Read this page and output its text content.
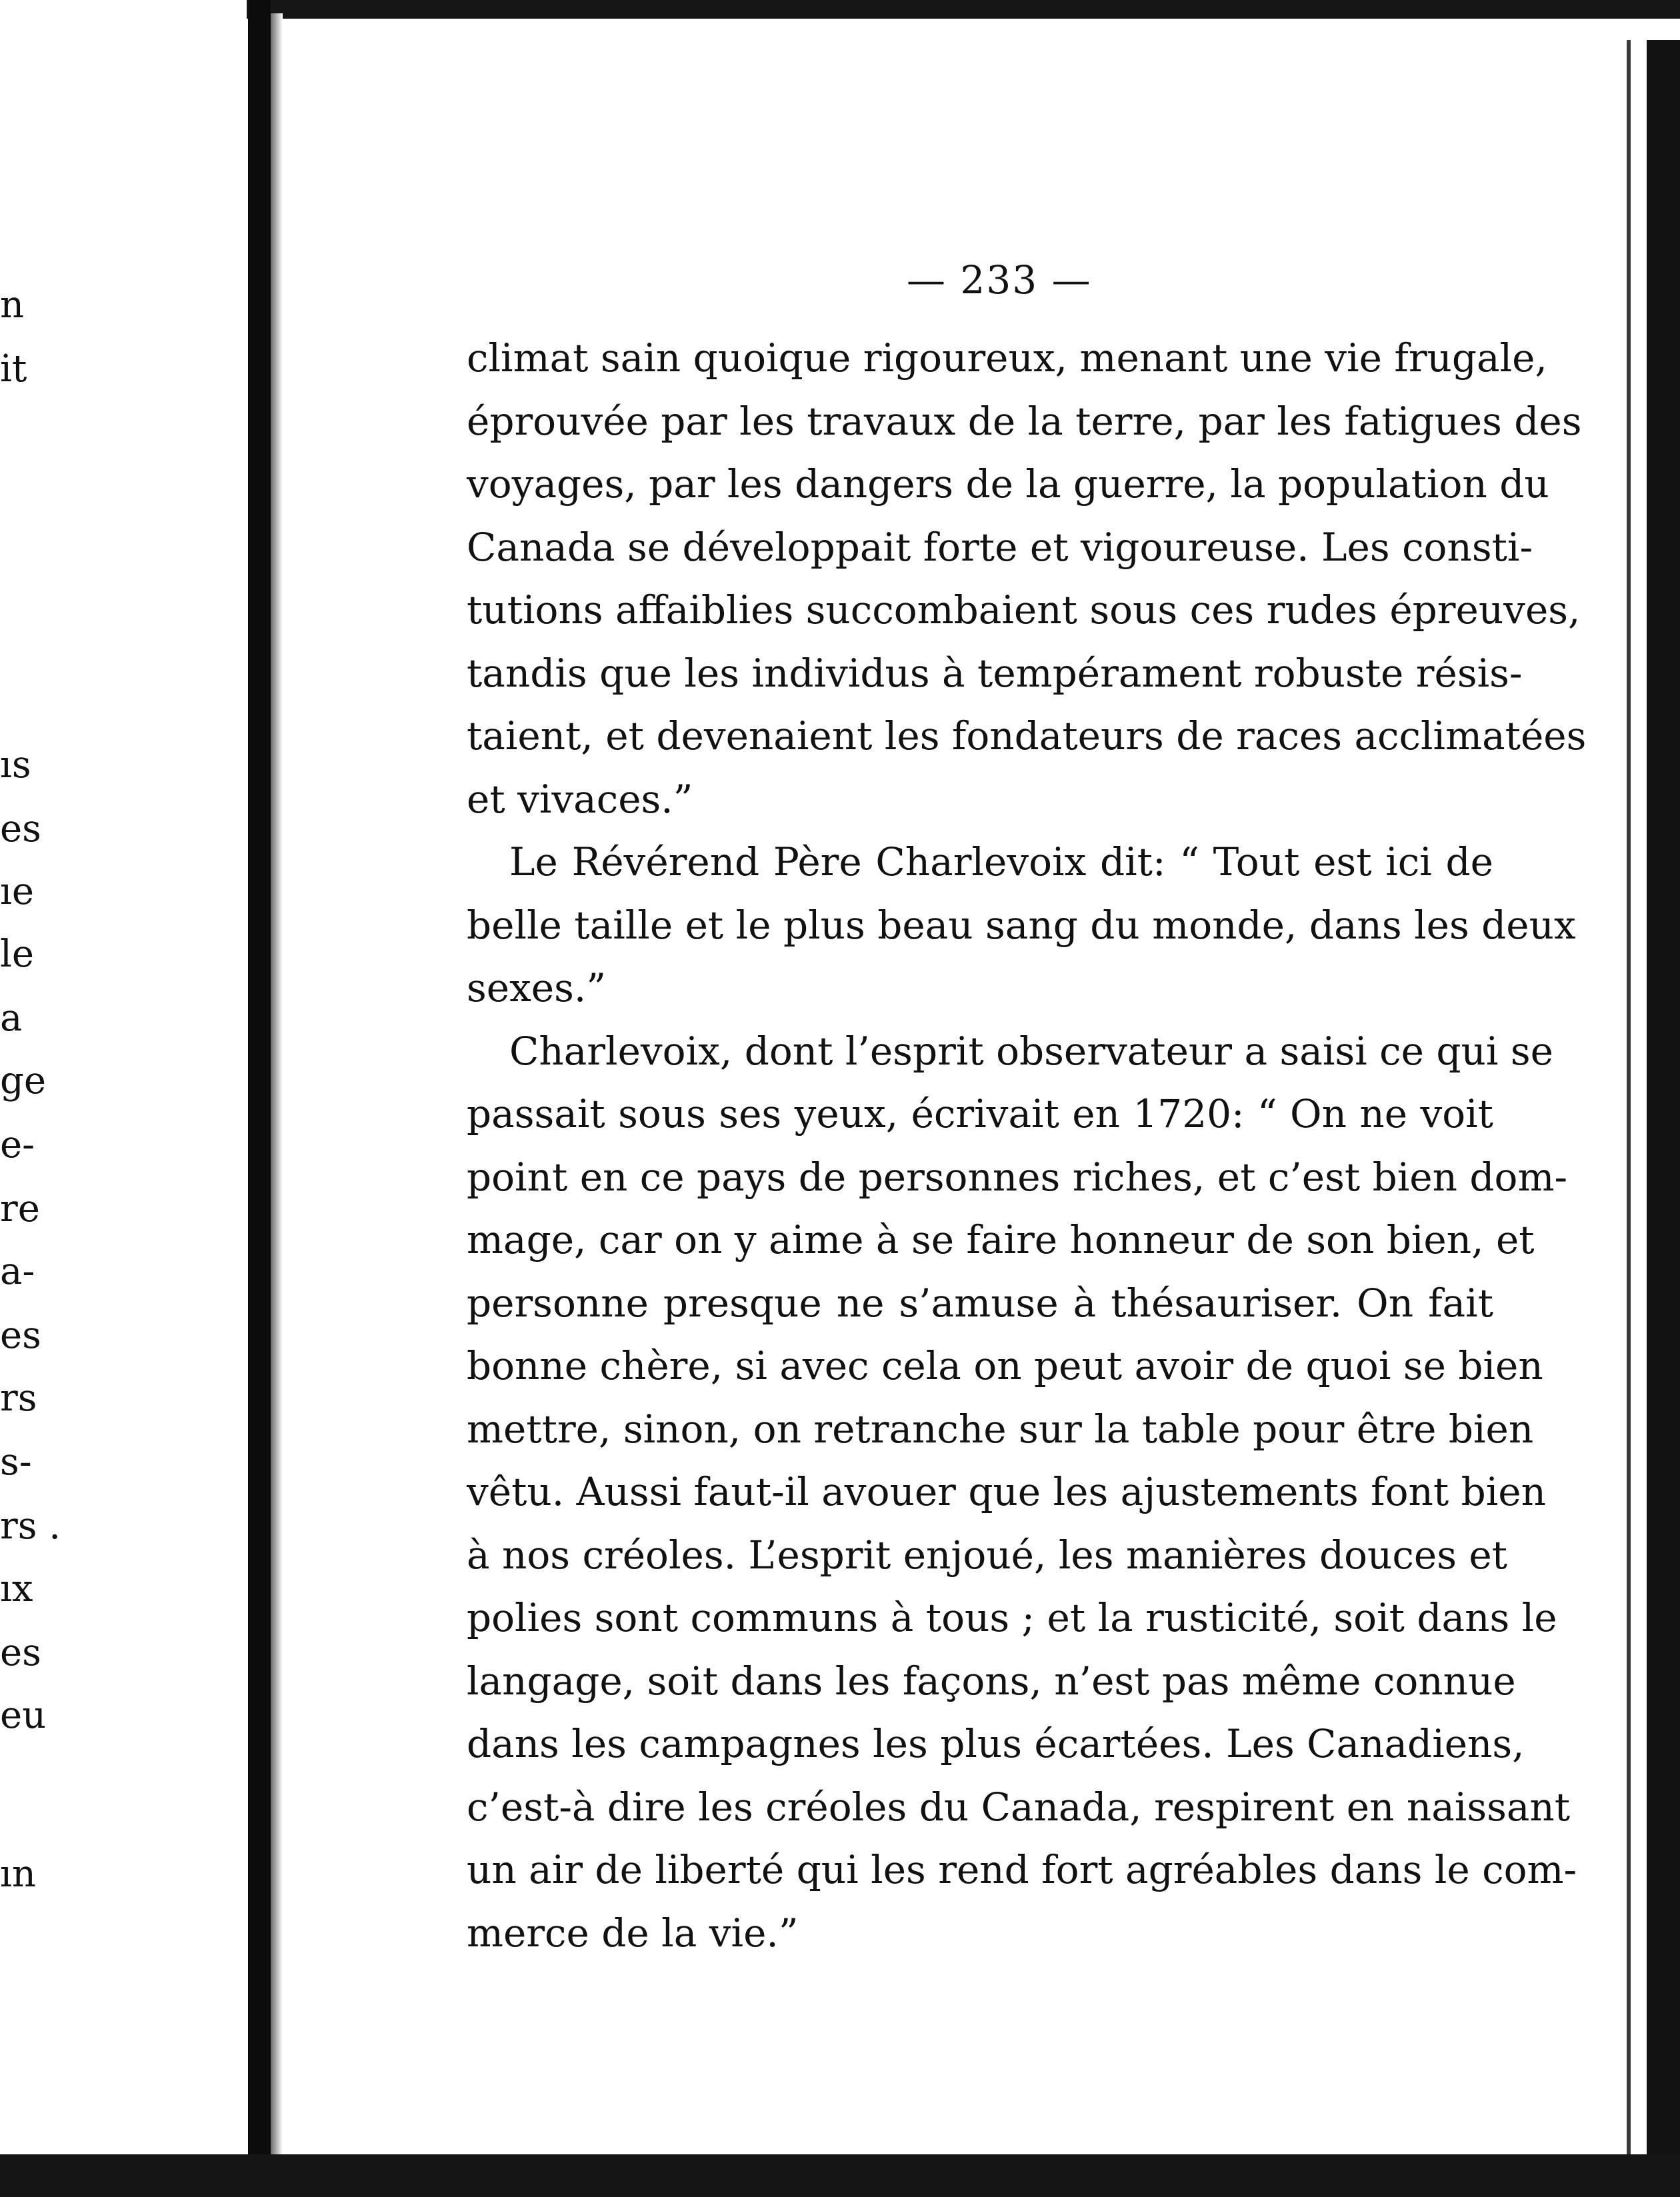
n
it
ıs
es
ıe
le
a
ge
e-
re
a-
es
rs
s-
rs .
ıx
es
eu
ın
— 233 —
climat sain quoique rigoureux, menant une vie frugale,
éprouvée par les travaux de la terre, par les fatigues des
voyages, par les dangers de la guerre, la population du
Canada se développait forte et vigoureuse. Les consti-
tutions affaiblies succombaient sous ces rudes épreuves,
tandis que les individus à tempérament robuste résis-
taient, et devenaient les fondateurs de races acclimatées
et vivaces.”
Le Révérend Père Charlevoix dit: “ Tout est ici de
belle taille et le plus beau sang du monde, dans les deux
sexes.”
Charlevoix, dont l’esprit observateur a saisi ce qui se
passait sous ses yeux, écrivait en 1720: “ On ne voit
point en ce pays de personnes riches, et c’est bien dom-
mage, car on y aime à se faire honneur de son bien, et
personne presque ne s’amuse à thésauriser. On fait
bonne chère, si avec cela on peut avoir de quoi se bien
mettre, sinon, on retranche sur la table pour être bien
vêtu. Aussi faut-il avouer que les ajustements font bien
à nos créoles. L’esprit enjoué, les manières douces et
polies sont communs à tous ; et la rusticité, soit dans le
langage, soit dans les façons, n’est pas même connue
dans les campagnes les plus écartées. Les Canadiens,
c’est-à dire les créoles du Canada, respirent en naissant
un air de liberté qui les rend fort agréables dans le com-
merce de la vie.”
